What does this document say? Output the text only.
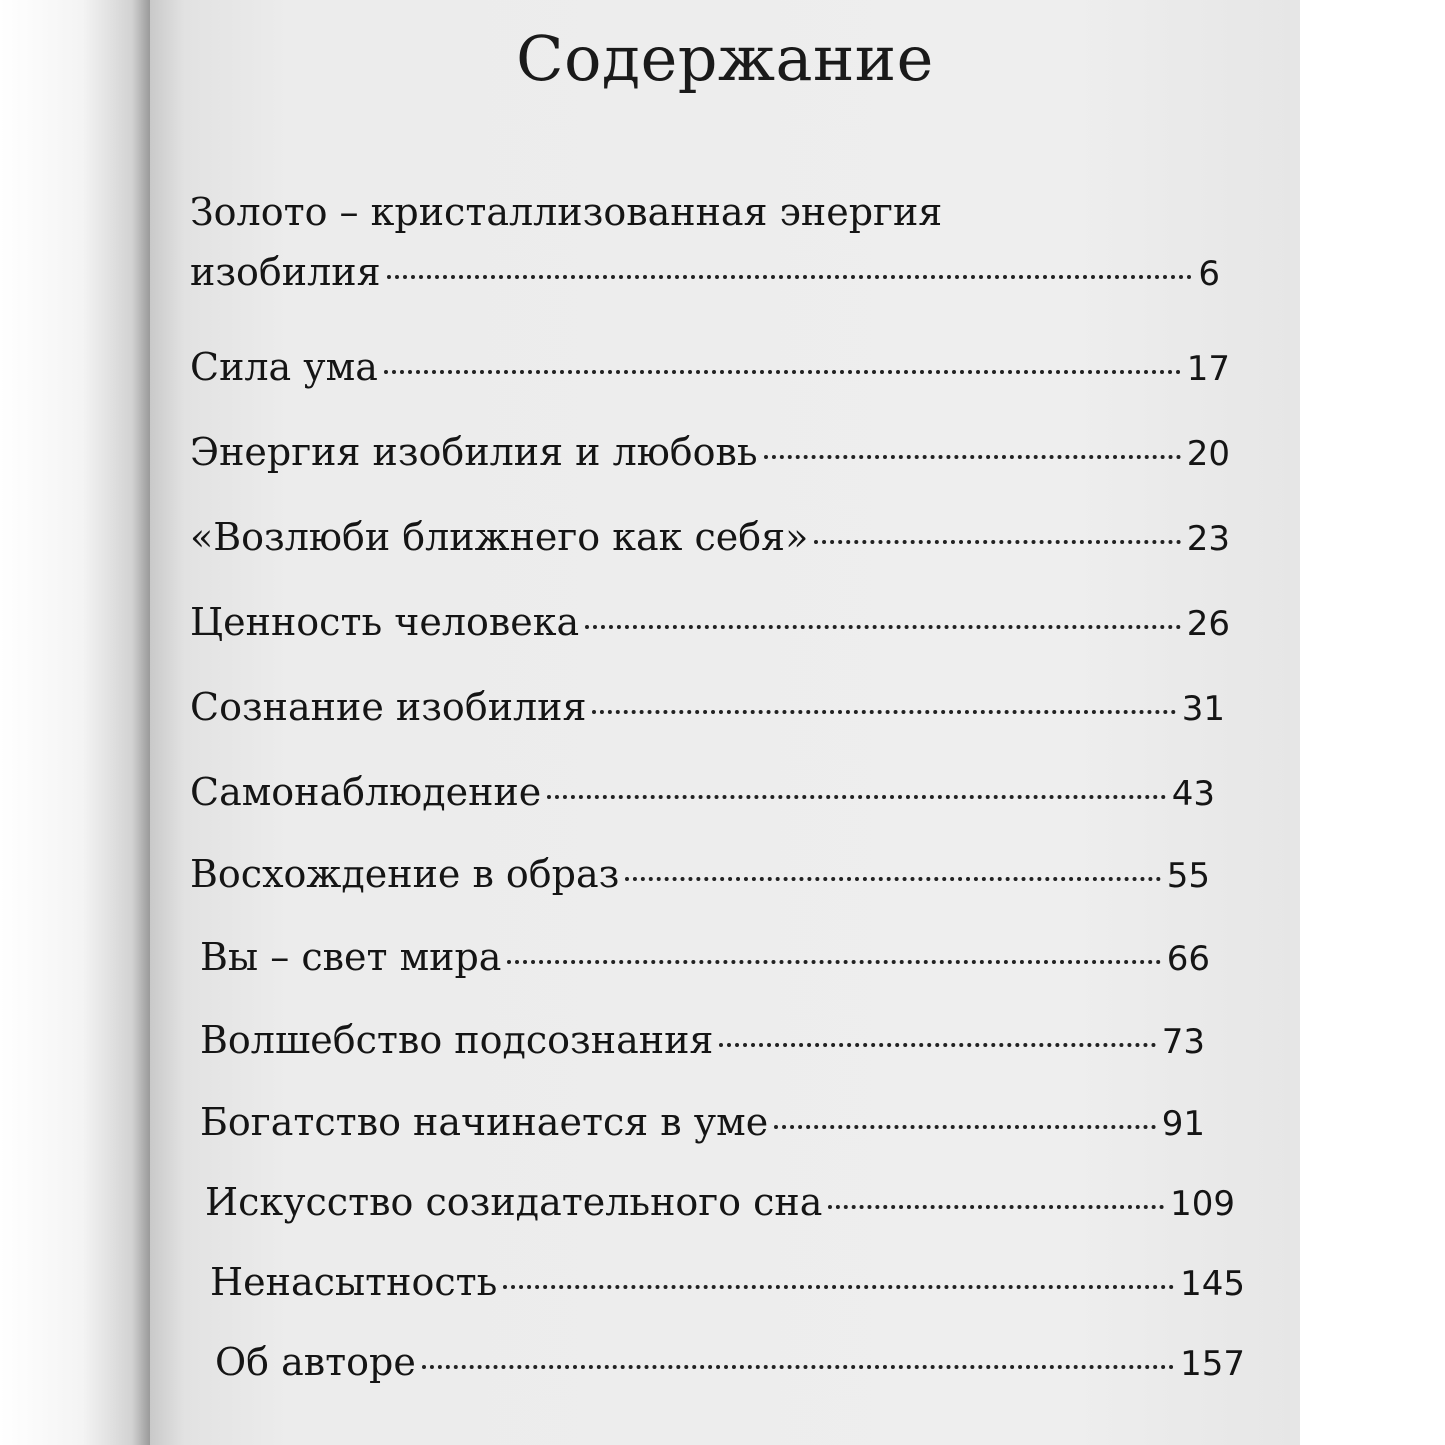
Содержание
Золото – кристаллизованная энергия
изобилия	6
Сила ума	17
Энергия изобилия и любовь	20
«Возлюби ближнего как себя»	23
Ценность человека	26
Сознание изобилия	31
Самонаблюдение	43
Восхождение в образ	55
Вы – свет мира	66
Волшебство подсознания	73
Богатство начинается в уме	91
Искусство созидательного сна	109
Ненасытность	145
Об авторе	157
